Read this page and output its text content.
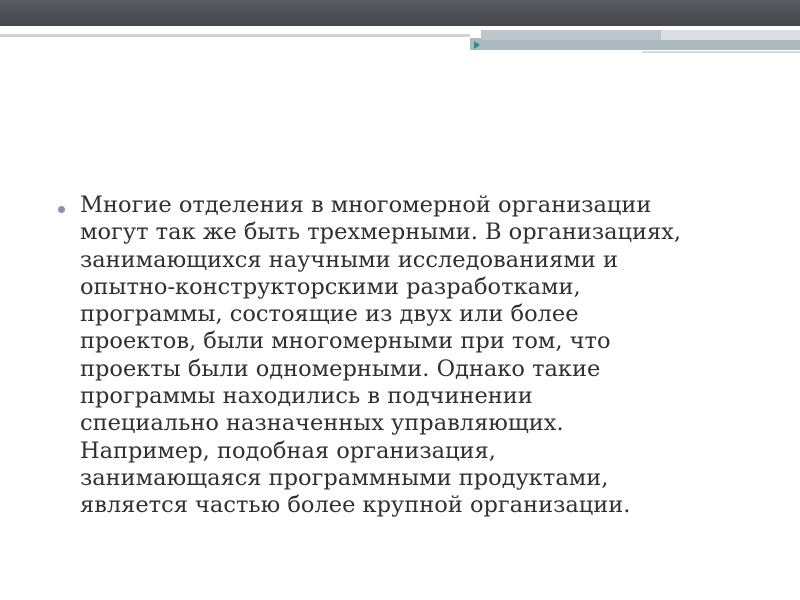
Многие отделения в многомерной организации
могут так же быть трехмерными. В организациях,
занимающихся научными исследованиями и
опытно-конструкторскими разработками,
программы, состоящие из двух или более
проектов, были многомерными при том, что
проекты были одномерными. Однако такие
программы находились в подчинении
специально назначенных управляющих.
Например, подобная организация,
занимающаяся программными продуктами,
является частью более крупной организации.
